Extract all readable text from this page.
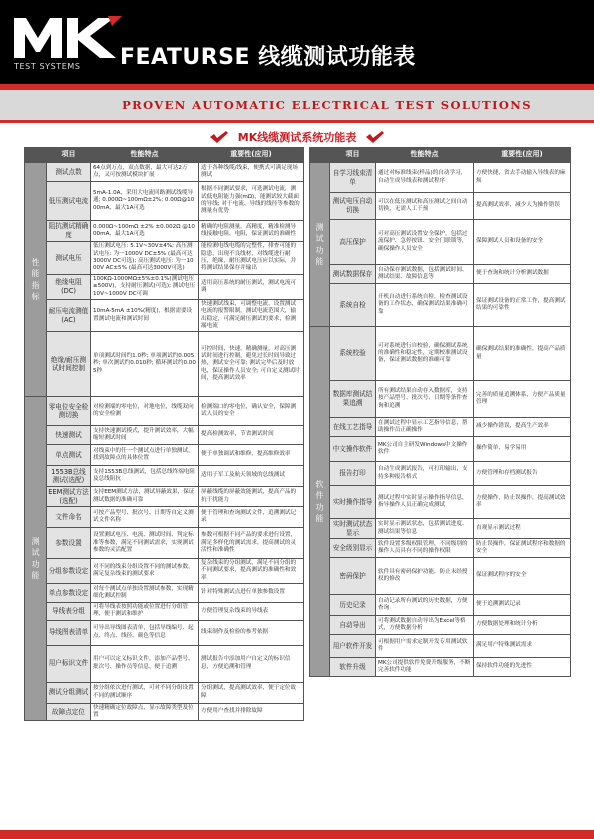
TEST SYSTEMS	FEATURSE 线缆测试功能表
PROVEN AUTOMATIC ELECTRICAL TEST SOLUTIONS
MK线缆测试系统功能表
	项目	性能特点	重要性(应用)
性
能
指
标	测试点数	64点到万点，双点数据，最大可达2万点，又可按测试模块扩展	适于各种线缆/线束，便携式可满足现场测试
	低压测试电流	5mA-1.0A，采用大电流回路测试线缆导通; 0.000Ω~100mΩ±2%; 0.00Ω@1000mA，最大1A可选	根据不同测试要求，可选测试电流，测试低电阻能力强(mΩ)，能测试较大截面的导线; 对于电流、导线的线径等参数的测量有优势
	阻抗测试精确度	0.000Ω~100mΩ ±2% ±0.002Ω @1000mA，最大1A可选	精确的电阻测量，高精度，精准检测导线接触电阻，电阻，保证测试的准确性
	测试电压	低压测试电压: 5.1V~30V±4%; 高压测试电压: 为一1000V DC±5% (最高可达3000V DC可选); 高压测试电压: 为一1000V AC±5% (最高可达3000V可选)	能检测电线电缆的完整性，排查可能的隐患，出现不良线材，对线缆进行耐压，绝缘，耐压测试电压应以实际，并将测试结果保存并输出
	绝缘电阻(DC)	100KΩ-1000MΩ±5%±0.1%(测试电压≥500V)，支持耐压测试(可选); 测试电压10V~1000V DC可调	适用高压系统的耐压测试，测试电流可调
	耐压电流测值(AC)	10mA-5mA ±10%(精度)，根据需要设置测试电流和测试时间	快速测试线束，可调整电流，设置测试电流的报警限制，测试电流范围大，输出稳定，可满足耐压测试的要求，检测漏电流
	绝缘/耐压测试时间控制	单项测试时间约1.0秒; 单项测试约0.005秒; 单次测试约0.010秒; 循环测试约0.005秒	可控时间，快速，精确测量，对高压测试时间进行控制，避免过长时间导致过热，测试安全可靠; 测试完毕后及时放电，保证操作人员安全; 可自定义测试时间，提高测试效率
测
试
功
能	零电位安全检测切换	对检测端的零电位，对地电位，线缆双向的安全检测	检测端口的零电位，确认安全，保障测试人员的安全
	快速测试	支持快速测试模式，提升测试效率，大幅缩短测试时间	提高检测效率，节省测试时间
	单点测试	对线束中的任一个测试点进行单独测试，找到故障点的具体位置	便于单独调试和维修，提高维修效率
	1553B总线测试(选配)	支持1553B总线测试，包括总线终端电阻及总线阻抗	适用于军工及航天领域的总线测试
	EEM测试方法(选配)	支持EEM测试方法，测试屏蔽效果，保证测试数据的准确可靠	屏蔽线缆的屏蔽效能测试，提高产品的抗干扰能力
	文件命名	可按产品型号、批次号、日期等自定义测试文件名称	便于管理和查询测试文件，追溯测试记录
	参数设置	设置测试电压、电流、测试时间、判定标准等参数，满足不同测试需求，实现测试参数的灵活配置	参数可根据不同产品的要求进行设置，满足多样化的测试需求，提高测试的灵活性和准确性
	分组参数设定	对不同的线束分组设置不同的测试参数，满足复杂线束的测试要求	复杂线束的分组测试，满足不同分组的不同测试要求，提高测试的准确性和效率
	单点参数设定	对每个测试点单独设置测试参数，实现精细化测试控制	针对特殊测试点进行单独参数设置
	导线表分组	可将导线表按照功能或位置进行分组管理，便于测试和维护	方便管理复杂线束的导线表
	导线图表清单	可导出导线图表清单，包括导线编号、起点、终点、线径、颜色等信息	线束制作及检验的参考依据
	用户标识文件	用户可以定义标识文件，添加产品型号、批次号、操作员等信息，便于追溯	测试报告中添加用户自定义的标识信息，方便追溯和管理
	测试分组测试	按分组依次进行测试，可对不同分组设置不同的测试顺序	分组测试，提高测试效率，便于定位故障
	故障点定位	快速精确定位故障点，显示故障类型及位置	方便用户查找并排除故障
	项目	性能特点	重要性(应用)
测
试
功
能	自学习线束清单	通过对标准线束(样品)的自动学习，自动生成导线表和测试程序	方便快捷，省去手动输入导线表的麻烦
	测试电压自动切换	可以在低压测试和高压测试之间自动切换，无需人工干预	提高测试效率，减少人为操作错误
	高压保护	可对高压测试设置安全保护，包括过流保护、急停按钮、安全门联锁等，确保操作人员安全	保障测试人员和设备的安全
	测试数据保存	自动保存测试数据，包括测试时间、测试结果、故障信息等	便于查询和统计分析测试数据
	系统自检	开机自动进行系统自检，检查测试设备的工作状态，确保测试结果准确可靠	保证测试设备的正常工作，提高测试结果的可靠性
软
件
功
能	系统校验	可对系统进行自校验，确保测试系统的准确性和稳定性，定期校准测试设备，保证测试数据的准确可靠	确保测试结果的准确性，提高产品质量
	数据库测试结果追溯	所有测试结果自动存入数据库，支持按产品型号、批次号、日期等条件查询和追溯	完善的质量追溯体系，方便产品质量管理
	在线工艺指导	在测试过程中显示工艺指导信息，帮助操作员正确操作	减少操作错误，提高生产效率
	中文操作软件	MK公司自主研发Windows中文操作软件	操作简单，易学易用
	报告打印	自动生成测试报告，可打印输出，支持多种报告格式	方便管理和存档测试报告
	实时操作指导	测试过程中实时显示操作指导信息，指导操作人员正确完成测试	方便操作，防止误操作，提高测试效率
	实时测试状态显示	实时显示测试状态，包括测试进度、测试结果等信息	直观显示测试过程
	安全级别显示	软件设置多级权限管理，不同级别的操作人员具有不同的操作权限	防止误操作，保证测试程序和数据的安全
	密码保护	软件具有密码保护功能，防止未经授权的修改	保证测试程序的安全
	历史记录	自动记录所有测试的历史数据，方便查询	便于追溯测试记录
	自动导出	可将测试数据自动导出为Excel等格式，方便数据分析	方便数据处理和统计分析
	用户软件开发	可根据用户需求定制开发专用测试软件	满足用户特殊测试需求
	软件升级	MK公司提供软件免费升级服务，不断完善软件功能	保持软件功能的先进性
